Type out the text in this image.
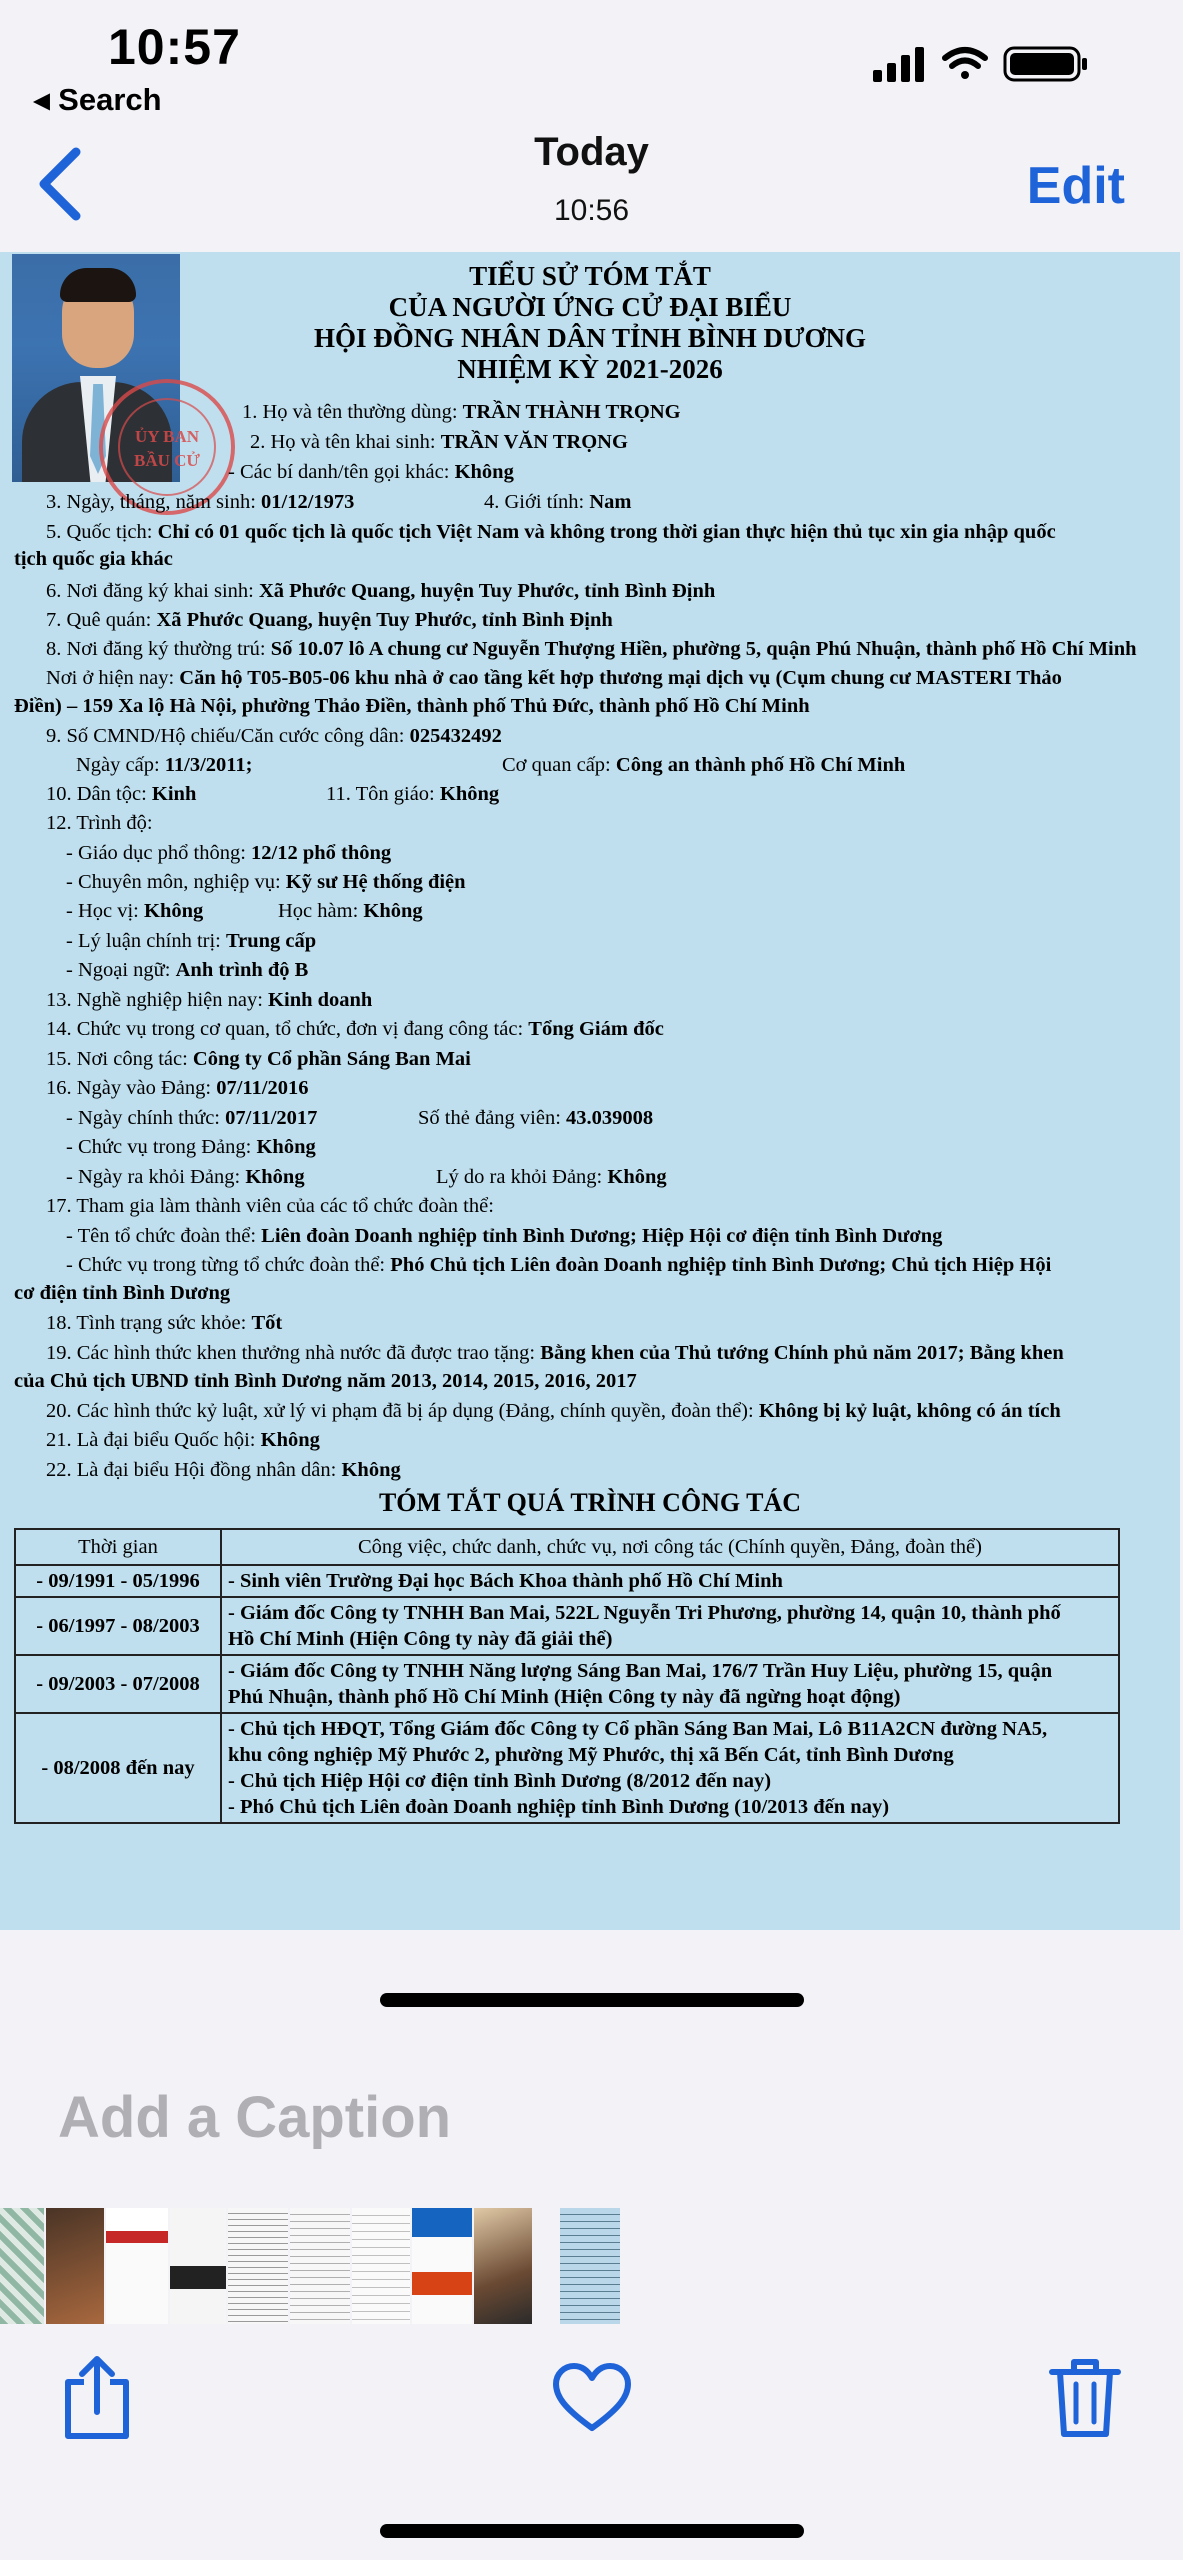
10:57
◂ Search
Today
10:56	Edit
ỦY BAN
BẦU CỬ
TIỂU SỬ TÓM TẮT
CỦA NGƯỜI ỨNG CỬ ĐẠI BIỂU
HỘI ĐỒNG NHÂN DÂN TỈNH BÌNH DƯƠNG
NHIỆM KỲ 2021-2026
1. Họ và tên thường dùng: TRẦN THÀNH TRỌNG
2. Họ và tên khai sinh: TRẦN VĂN TRỌNG
- Các bí danh/tên gọi khác: Không
3. Ngày, tháng, năm sinh: 01/12/1973	4. Giới tính: Nam
5. Quốc tịch: Chỉ có 01 quốc tịch là quốc tịch Việt Nam và không trong thời gian thực hiện thủ tục xin gia nhập quốc
tịch quốc gia khác
6. Nơi đăng ký khai sinh: Xã Phước Quang, huyện Tuy Phước, tỉnh Bình Định
7. Quê quán: Xã Phước Quang, huyện Tuy Phước, tỉnh Bình Định
8. Nơi đăng ký thường trú: Số 10.07 lô A chung cư Nguyễn Thượng Hiền, phường 5, quận Phú Nhuận, thành phố Hồ Chí Minh
Nơi ở hiện nay: Căn hộ T05-B05-06 khu nhà ở cao tầng kết hợp thương mại dịch vụ (Cụm chung cư MASTERI Thảo
Điền) – 159 Xa lộ Hà Nội, phường Thảo Điền, thành phố Thủ Đức, thành phố Hồ Chí Minh
9. Số CMND/Hộ chiếu/Căn cước công dân: 025432492
Ngày cấp: 11/3/2011;	Cơ quan cấp: Công an thành phố Hồ Chí Minh
10. Dân tộc: Kinh	11. Tôn giáo: Không
12. Trình độ:
- Giáo dục phổ thông: 12/12 phổ thông
- Chuyên môn, nghiệp vụ: Kỹ sư Hệ thống điện
- Học vị: Không	Học hàm: Không
- Lý luận chính trị: Trung cấp
- Ngoại ngữ: Anh trình độ B
13. Nghề nghiệp hiện nay: Kinh doanh
14. Chức vụ trong cơ quan, tổ chức, đơn vị đang công tác: Tổng Giám đốc
15. Nơi công tác: Công ty Cổ phần Sáng Ban Mai
16. Ngày vào Đảng: 07/11/2016
- Ngày chính thức: 07/11/2017	Số thẻ đảng viên: 43.039008
- Chức vụ trong Đảng: Không
- Ngày ra khỏi Đảng: Không	Lý do ra khỏi Đảng: Không
17. Tham gia làm thành viên của các tổ chức đoàn thể:
- Tên tổ chức đoàn thể: Liên đoàn Doanh nghiệp tỉnh Bình Dương; Hiệp Hội cơ điện tỉnh Bình Dương
- Chức vụ trong từng tổ chức đoàn thể: Phó Chủ tịch Liên đoàn Doanh nghiệp tỉnh Bình Dương; Chủ tịch Hiệp Hội
cơ điện tỉnh Bình Dương
18. Tình trạng sức khỏe: Tốt
19. Các hình thức khen thưởng nhà nước đã được trao tặng: Bằng khen của Thủ tướng Chính phủ năm 2017; Bằng khen
của Chủ tịch UBND tỉnh Bình Dương năm 2013, 2014, 2015, 2016, 2017
20. Các hình thức kỷ luật, xử lý vi phạm đã bị áp dụng (Đảng, chính quyền, đoàn thể): Không bị kỷ luật, không có án tích
21. Là đại biểu Quốc hội: Không
22. Là đại biểu Hội đồng nhân dân: Không
TÓM TẮT QUÁ TRÌNH CÔNG TÁC
Thời gian	Công việc, chức danh, chức vụ, nơi công tác (Chính quyền, Đảng, đoàn thể)
- 09/1991 - 05/1996	- Sinh viên Trường Đại học Bách Khoa thành phố Hồ Chí Minh

- 06/1997 - 08/2003	- Giám đốc Công ty TNHH Ban Mai, 522L Nguyễn Tri Phương, phường 14, quận 10, thành phố
Hồ Chí Minh (Hiện Công ty này đã giải thể)

- 09/2003 - 07/2008	- Giám đốc Công ty TNHH Năng lượng Sáng Ban Mai, 176/7 Trần Huy Liệu, phường 15, quận
Phú Nhuận, thành phố Hồ Chí Minh (Hiện Công ty này đã ngừng hoạt động)

- 08/2008 đến nay	- Chủ tịch HĐQT, Tổng Giám đốc Công ty Cổ phần Sáng Ban Mai, Lô B11A2CN đường NA5,
khu công nghiệp Mỹ Phước 2, phường Mỹ Phước, thị xã Bến Cát, tỉnh Bình Dương
- Chủ tịch Hiệp Hội cơ điện tỉnh Bình Dương (8/2012 đến nay)
- Phó Chủ tịch Liên đoàn Doanh nghiệp tỉnh Bình Dương (10/2013 đến nay)
Add a Caption
